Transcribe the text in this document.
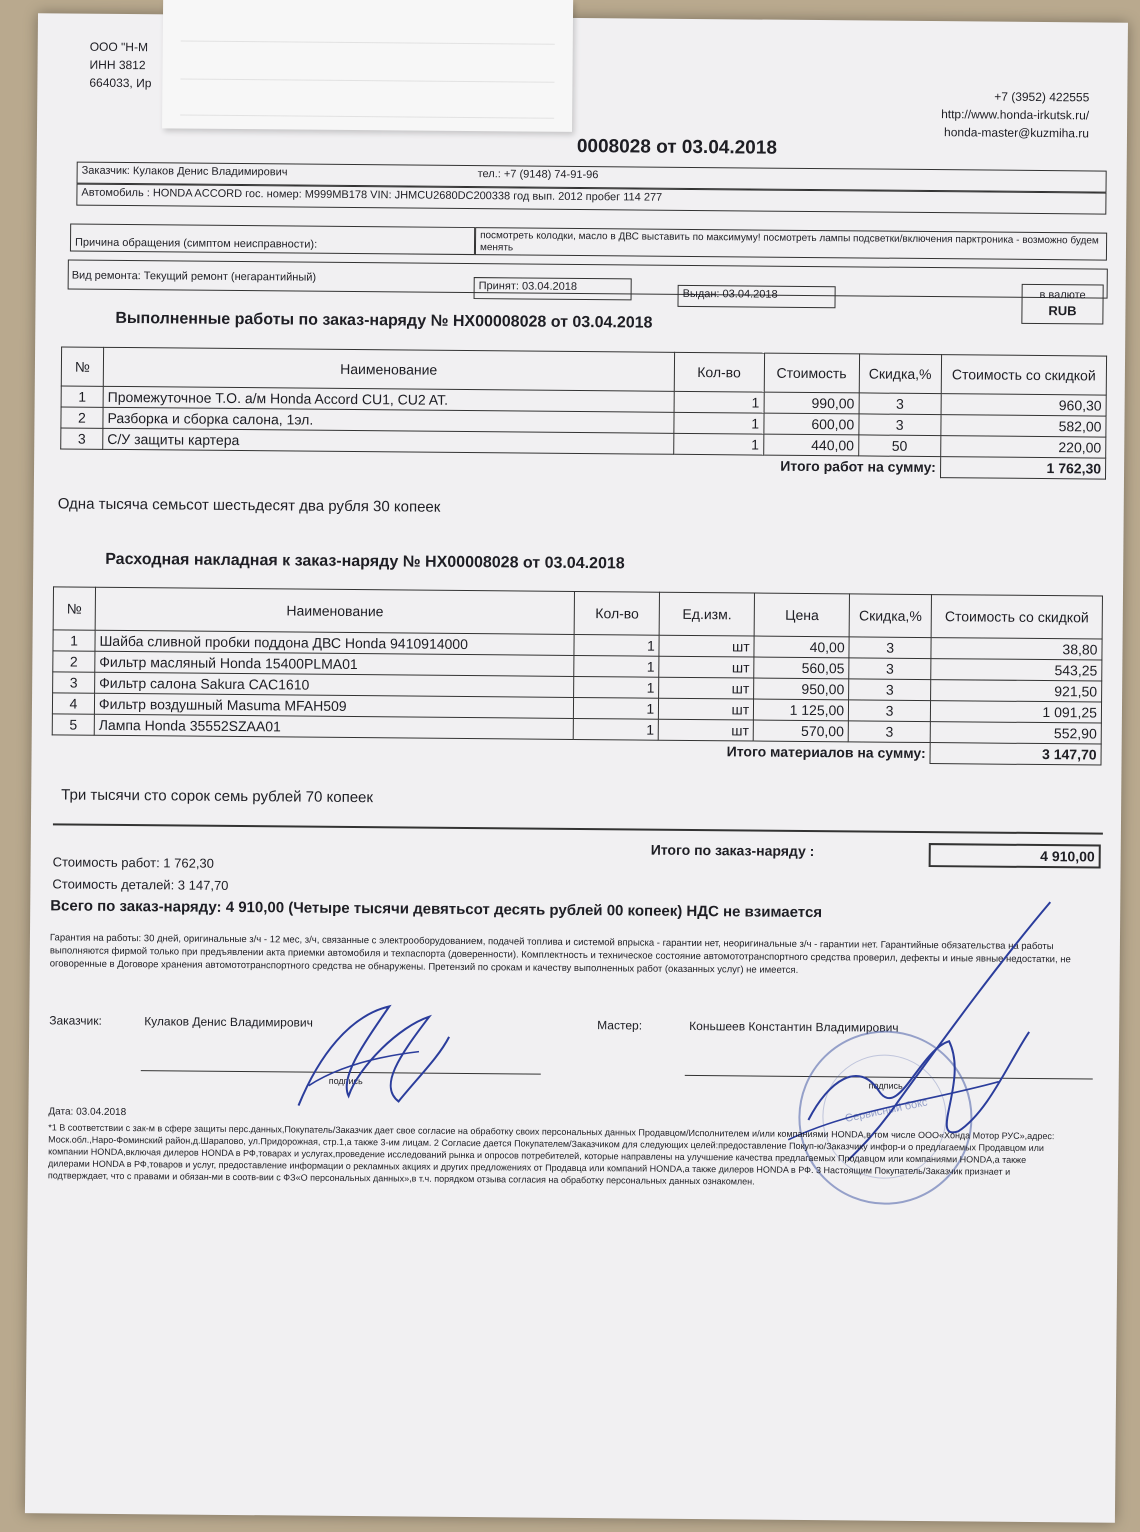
ООО "Н-М
ИНН 3812
664033, Ир
+7 (3952) 422555
http://www.honda-irkutsk.ru/
honda-master@kuzmiha.ru
0008028 от 03.04.2018
Заказчик: Кулаков Денис Владимирович	тел.: +7 (9148) 74-91-96
Автомобиль : HONDA ACCORD гос. номер: M999MB178 VIN: JHMCU2680DC200338 год вып. 2012 пробег 114 277
Причина обращения (симптом неисправности):	посмотреть колодки, масло в ДВС выставить по максимуму! посмотреть лампы подсветки/включения парктроника - возможно будем менять
Вид ремонта: Текущий ремонт (негарантийный)
Принят: 03.04.2018
Выдан: 03.04.2018	в валюте
RUB
Выполненные работы по заказ-наряду № HX00008028 от 03.04.2018
№	Наименование	Кол-во	Стоимость	Скидка,%	Стоимость со скидкой
1	Промежуточное Т.О. а/м Honda Accord CU1, CU2 AT.	1	990,00	3	960,30
2	Разборка и сборка салона, 1эл.	1	600,00	3	582,00
3	С/У защиты картера	1	440,00	50	220,00
Итого работ на сумму:					1 762,30
Одна тысяча семьсот шестьдесят два рубля 30 копеек
Расходная накладная к заказ-наряду № HX00008028 от 03.04.2018
№	Наименование	Кол-во	Ед.изм.	Цена	Скидка,%	Стоимость со скидкой
1	Шайба сливной пробки поддона ДВС Honda 9410914000	1	шт	40,00	3	38,80
2	Фильтр масляный Honda 15400PLMA01	1	шт	560,05	3	543,25
3	Фильтр салона Sakura CAC1610	1	шт	950,00	3	921,50
4	Фильтр воздушный Masuma MFAH509	1	шт	1 125,00	3	1 091,25
5	Лампа Honda 35552SZAA01	1	шт	570,00	3	552,90
Итого материалов на сумму:						3 147,70
Три тысячи сто сорок семь рублей 70 копеек
Итого по заказ-наряду :	4 910,00
Стоимость работ: 1 762,30
Стоимость деталей: 3 147,70
Всего по заказ-наряду: 4 910,00 (Четыре тысячи девятьсот десять рублей 00 копеек) НДС не взимается
Гарантия на работы: 30 дней, оригинальные з/ч - 12 мес, з/ч, связанные с электрооборудованием, подачей топлива и системой впрыска - гарантии нет, неоригинальные з/ч - гарантии нет. Гарантийные обязательства на работы выполняются фирмой только при предъявлении акта приемки автомобиля и техпаспорта (доверенности). Комплектность и техническое состояние автомототранспортного средства проверил, дефекты и иные явные недостатки, не оговоренные в Договоре хранения автомототранспортного средства не обнаружены. Претензий по срокам и качеству выполненных работ (оказанных услуг) не имеется.
Заказчик:	Кулаков Денис Владимирович	Мастер:	Коньшеев Константин Владимирович
подпись	подпись
Сервисный бокс
Дата: 03.04.2018
*1 В соответствии с зак-м в сфере защиты перс.данных,Покупатель/Заказчик дает свое согласие на обработку своих персональных данных Продавцом/Исполнителем и/или компаниями HONDA,в том числе ООО«Хонда Мотор РУС»,адрес: Моск.обл.,Наро-Фоминский район,д.Шарапово, ул.Придорожная, стр.1,а также 3-им лицам. 2 Согласие дается Покупателем/Заказчиком для следующих целей:предоставление Покуп-ю/Заказчику инфор-и о предлагаемых Продавцом или компании HONDA,включая дилеров HONDA в РФ,товарах и услугах,проведение исследований рынка и опросов потребителей, которые направлены на улучшение качества предлагаемых Продавцом или компаниями HONDA,а также дилерами HONDA в РФ,товаров и услуг, предоставление информации о рекламных акциях и других предложениях от Продавца или компаний HONDA,а также дилеров HONDA в РФ. 3 Настоящим Покупатель/Заказчик признает и подтверждает, что с правами и обязан-ми в соотв-вии с ФЗ«О персональных данных»,в т.ч. порядком отзыва согласия на обработку персональных данных ознакомлен.
